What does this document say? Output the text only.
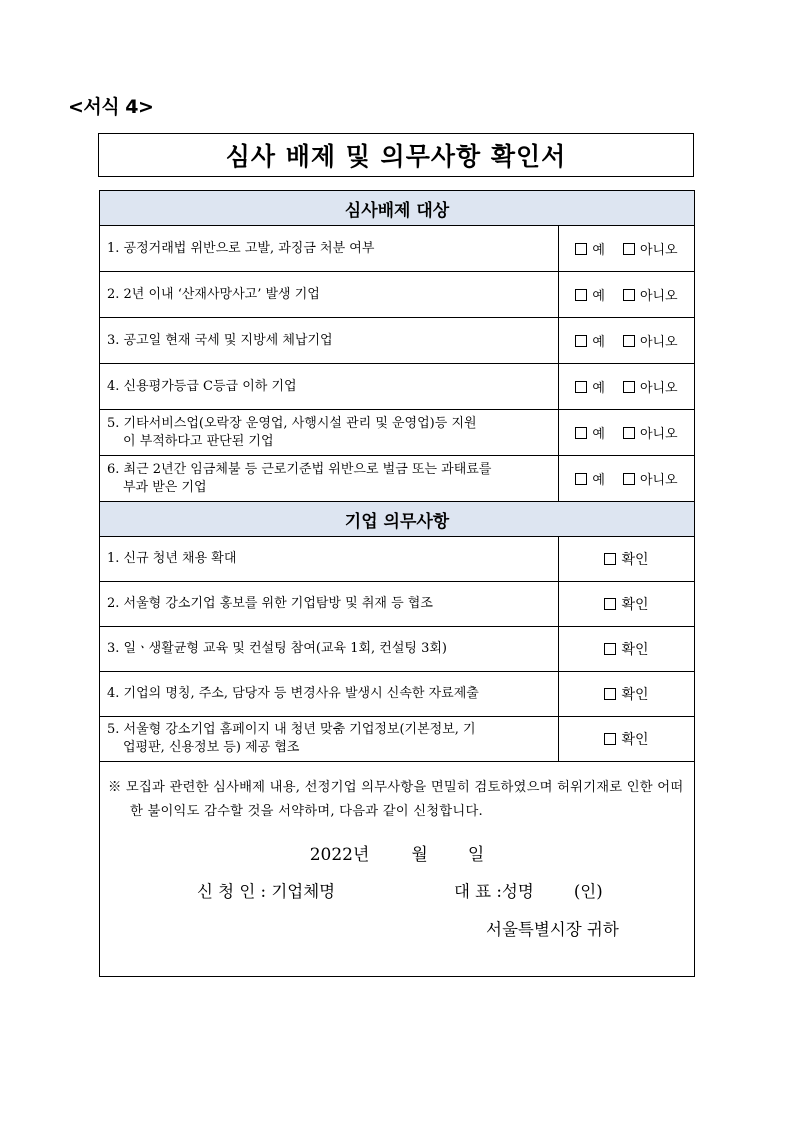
<서식 4>
심사 배제 및 의무사항 확인서
심사배제 대상	

1. 공정거래법 위반으로 고발, 과징금 처분 여부	예 아니오

2. 2년 이내 ‘산재사망사고’ 발생 기업	예 아니오

3. 공고일 현재 국세 및 지방세 체납기업	예 아니오

4. 신용평가등급 C등급 이하 기업	예 아니오

5. 기타서비스업(오락장 운영업, 사행시설 관리 및 운영업)등 지원
이 부적하다고 판단된 기업	예 아니오

6. 최근 2년간 임금체불 등 근로기준법 위반으로 벌금 또는 과태료를
부과 받은 기업	예 아니오
기업 의무사항	

1. 신규 청년 채용 확대	확인

2. 서울형 강소기업 홍보를 위한 기업탐방 및 취재 등 협조	확인

3. 일ㆍ생활균형 교육 및 컨설팅 참여(교육 1회, 컨설팅 3회)	확인

4. 기업의 명칭, 주소, 담당자 등 변경사유 발생시 신속한 자료제출	확인

5. 서울형 강소기업 홈페이지 내 청년 맞춤 기업정보(기본정보, 기
업평판, 신용정보 등) 제공 협조	확인

※ 모집과 관련한 심사배제 내용, 선정기업 의무사항을 면밀히 검토하였으며 허위기재로 인한 어떠한 불이익도 감수할 것을 서약하며, 다음과 같이 신청합니다.
2022년 월 일
신 청 인 : 기업체명 대 표 :성명 (인)
서울특별시장 귀하	
